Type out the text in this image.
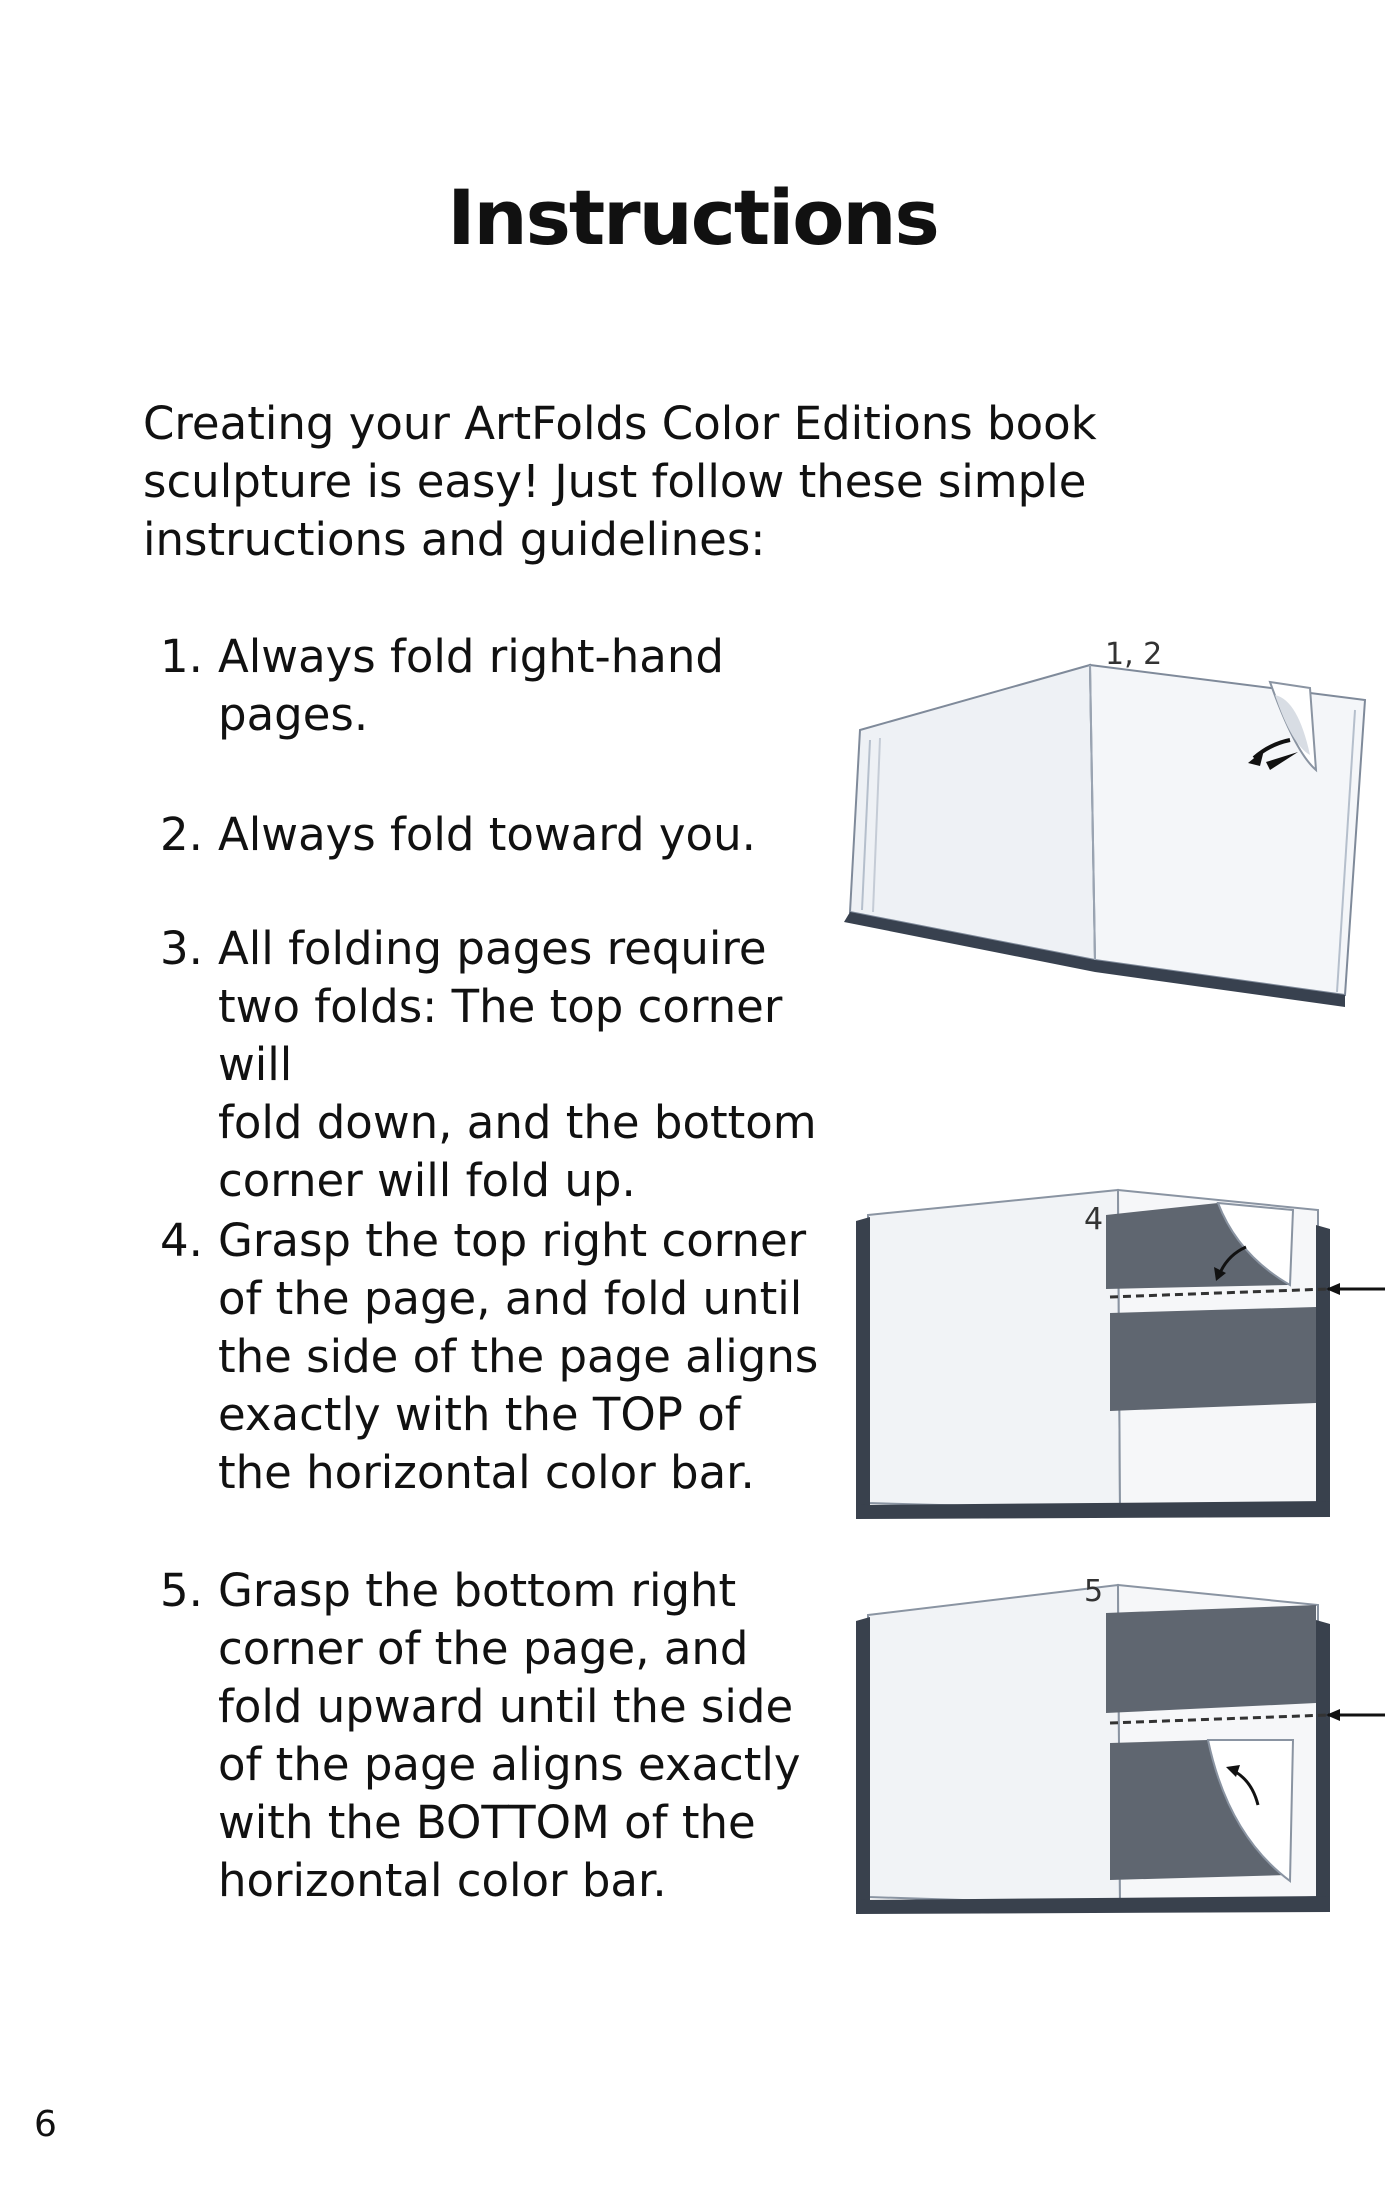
Instructions

Creating your ArtFolds Color Editions book sculpture is easy! Just follow these simple instructions and guidelines:

1. Always fold right-hand
pages.
2. Always fold toward you.
3. All folding pages require
two folds: The top corner will
fold down, and the bottom
corner will fold up.
4. Grasp the top right corner
of the page, and fold until
the side of the page aligns
exactly with the TOP of
the horizontal color bar.
5. Grasp the bottom right
corner of the page, and
fold upward until the side
of the page aligns exactly
with the BOTTOM of the
horizontal color bar.
1, 2
4
5
6
